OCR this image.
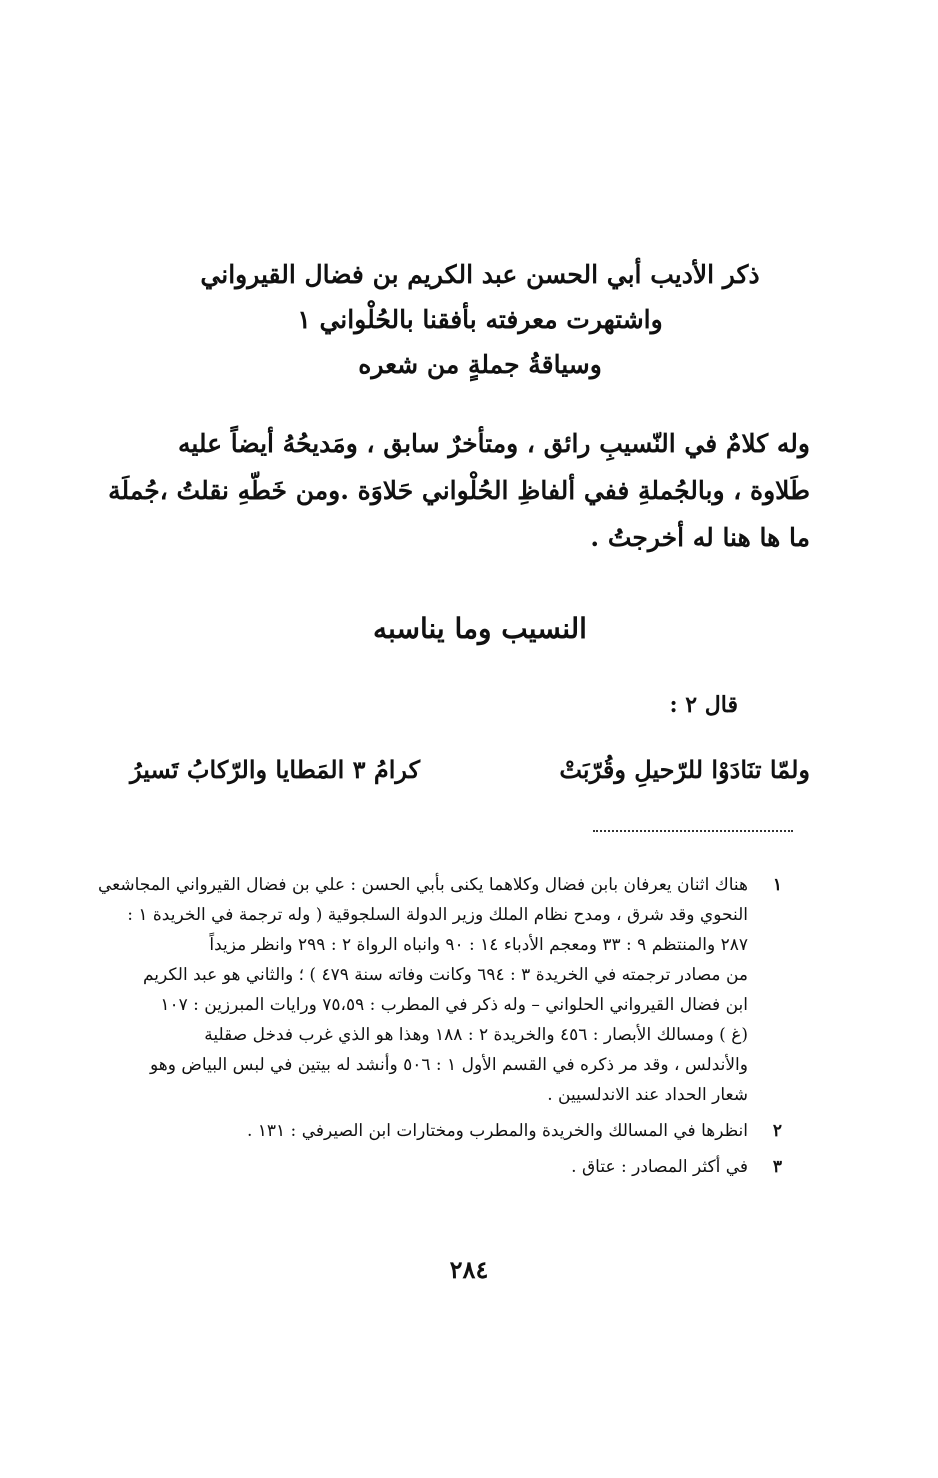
ذكر الأديب أبي الحسن عبد الكريم بن فضال القيرواني
واشتهرت معرفته بأفقنا بالحُلْواني ١
وسياقةُ جملةٍ من شعره
وله كلامٌ في النّسيبِ رائق ، ومتأخرٌ سابق ، ومَديحُهُ أيضاً عليه
طَلاوة ، وبالجُملةِ ففي ألفاظِ الحُلْواني حَلاوَة .ومن خَطّهِ نقلتُ ،جُملَة
ما ها هنا له أخرجتُ .
النسيب وما يناسبه
قال ٢ :
ولمّا تنَادَوْا للرّحيلِ وقُرّبَتْ
كرامُ ٣ المَطايا والرّكابُ تَسيرُ
١
هناك اثنان يعرفان بابن فضال وكلاهما يكنى بأبي الحسن : علي بن فضال القيرواني المجاشعي
النحوي وقد شرق ، ومدح نظام الملك وزير الدولة السلجوقية ( وله ترجمة في الخريدة ١ :
٢٨٧ والمنتظم ٩ : ٣٣ ومعجم الأدباء ١٤ : ٩٠ وانباه الرواة ٢ : ٢٩٩ وانظر مزيداً
من مصادر ترجمته في الخريدة ٣ : ٦٩٤ وكانت وفاته سنة ٤٧٩ ) ؛ والثاني هو عبد الكريم
ابن فضال القيرواني الحلواني – وله ذكر في المطرب : ٧٥،٥٩ ورايات المبرزين : ١٠٧
(غ ) ومسالك الأبصار : ٤٥٦ والخريدة ٢ : ١٨٨ وهذا هو الذي غرب فدخل صقلية
والأندلس ، وقد مر ذكره في القسم الأول ١ : ٥٠٦ وأنشد له بيتين في لبس البياض وهو
شعار الحداد عند الاندلسيين .
٢
انظرها في المسالك والخريدة والمطرب ومختارات ابن الصيرفي : ١٣١ .
٣
في أكثر المصادر : عتاق .
٢٨٤
